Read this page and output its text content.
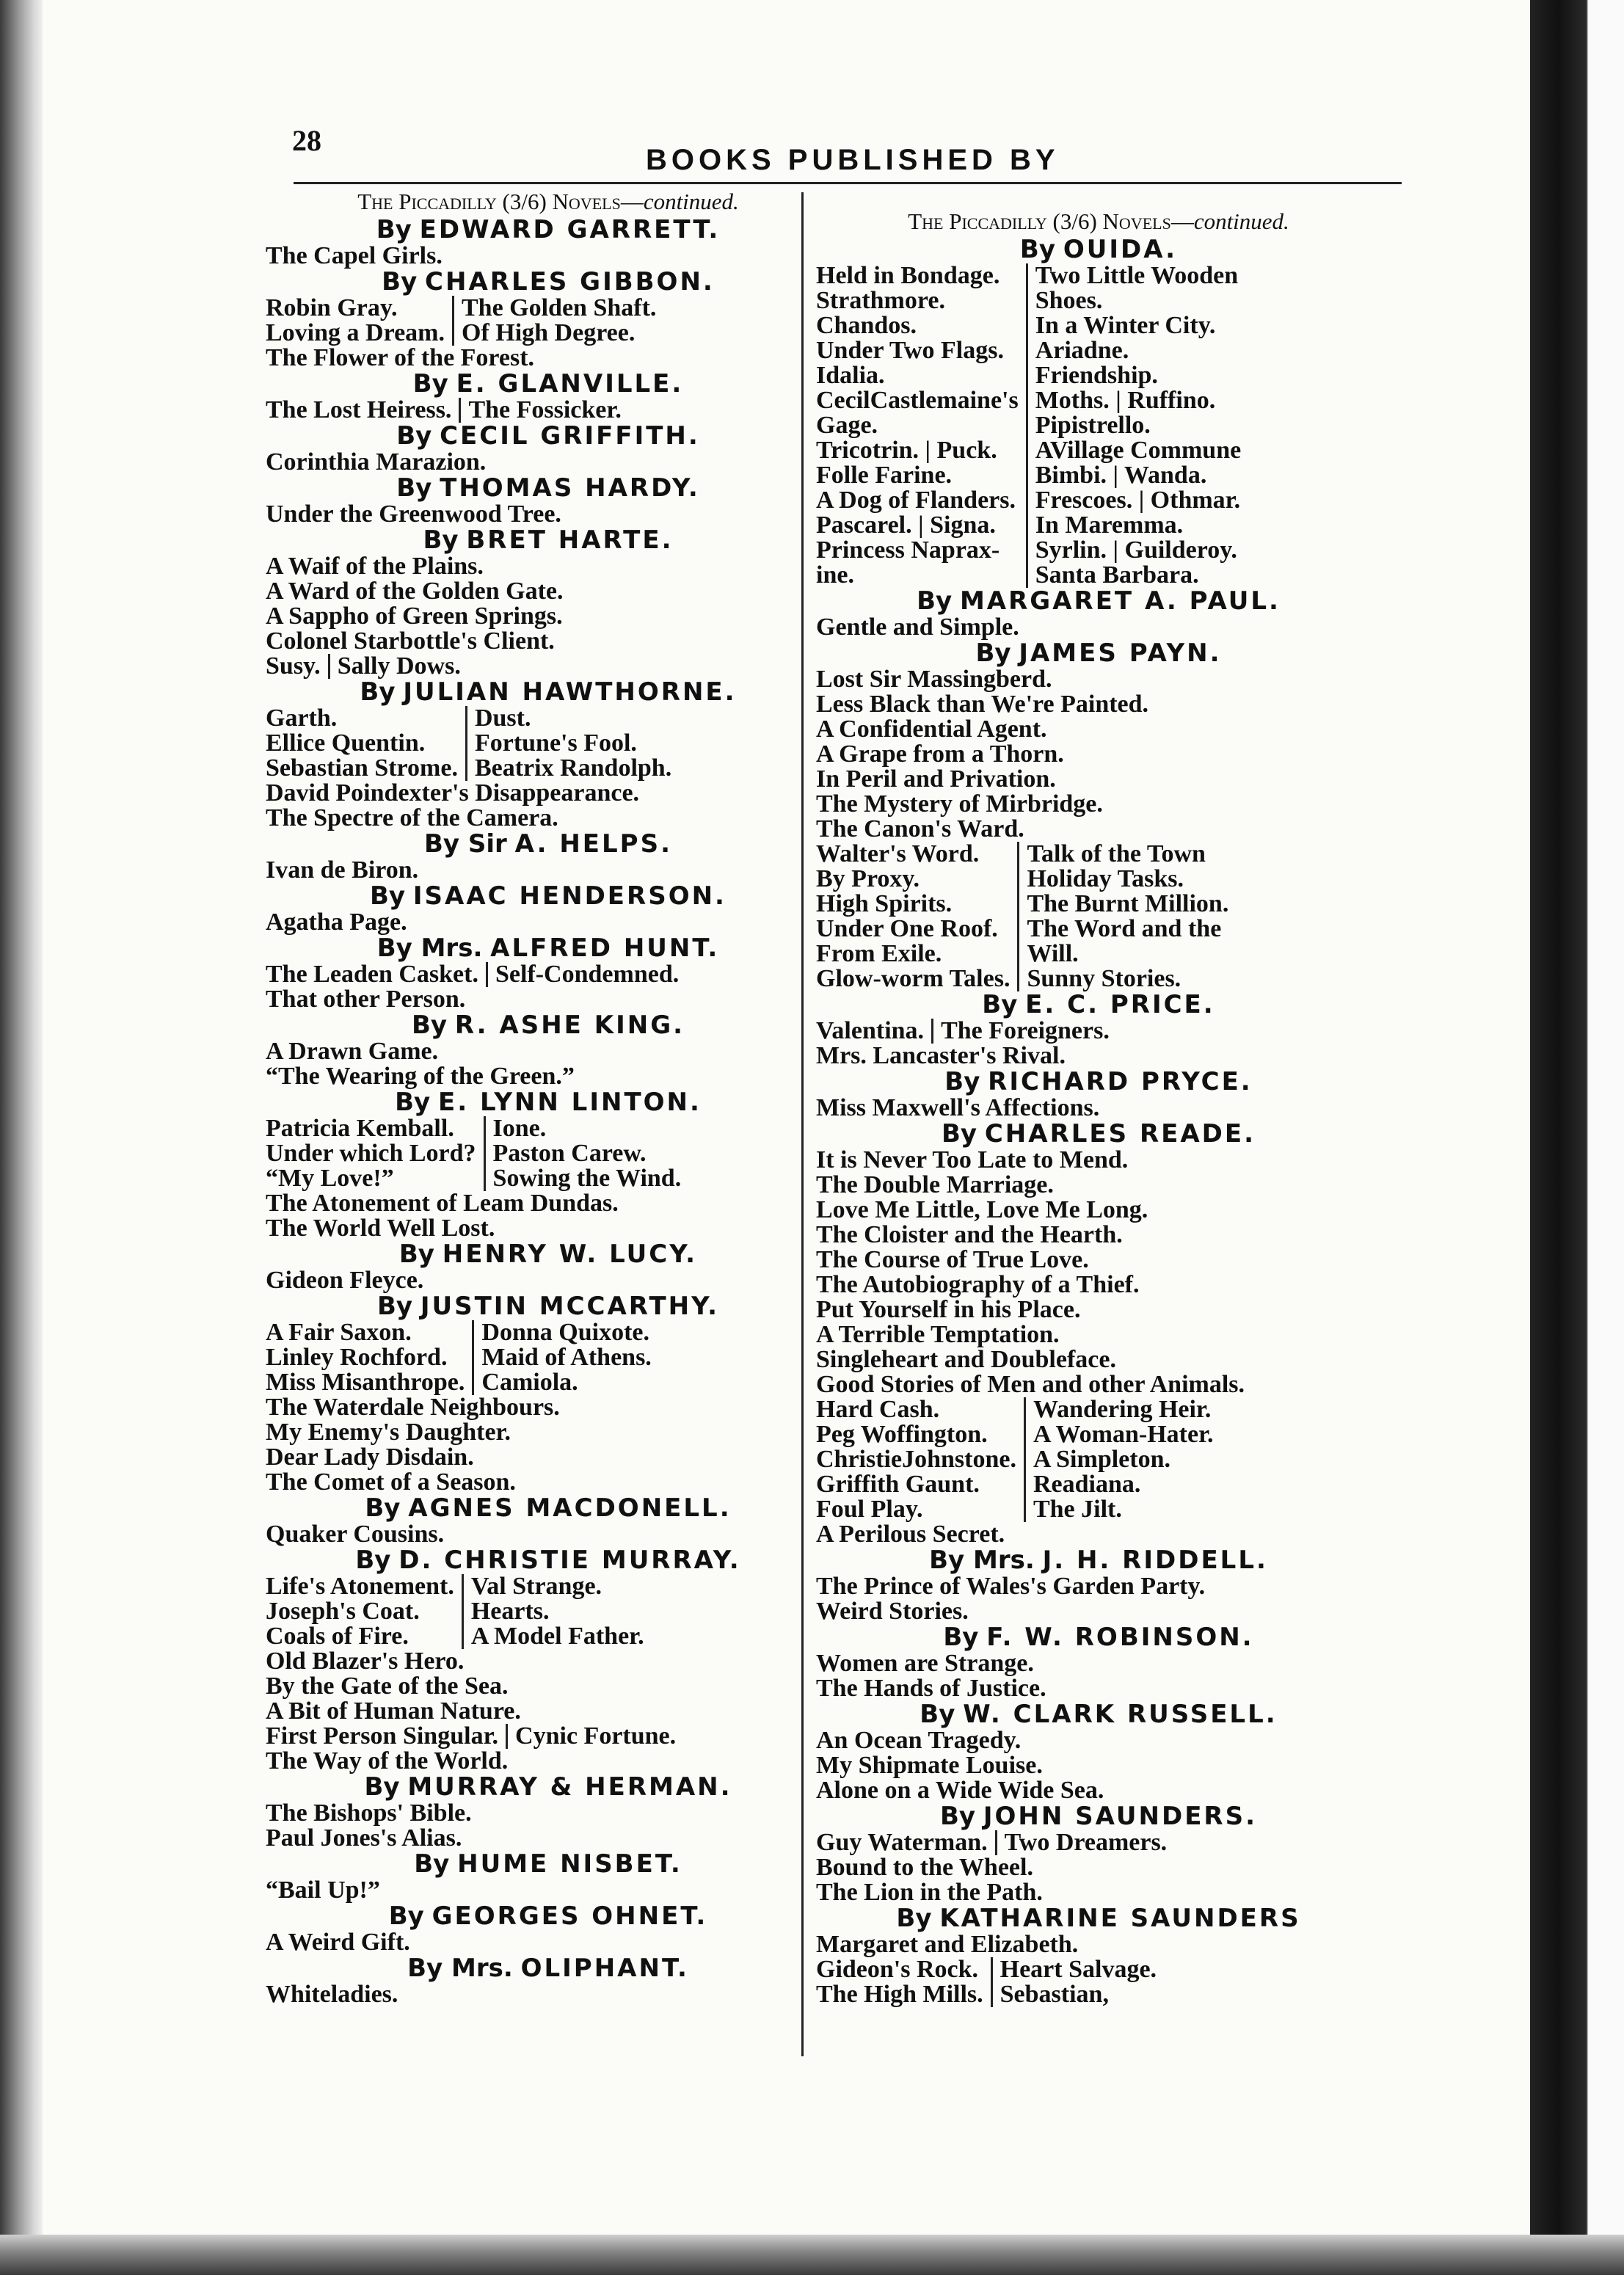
28
BOOKS PUBLISHED BY
The Piccadilly (3/6) Novels—continued.
By EDWARD GARRETT.
The Capel Girls.
By CHARLES GIBBON.
Robin Gray.
Loving a Dream.
The Golden Shaft.
Of High Degree.
The Flower of the Forest.
By E. GLANVILLE.
The Lost Heiress. The Fossicker.
By CECIL GRIFFITH.
Corinthia Marazion.
By THOMAS HARDY.
Under the Greenwood Tree.
By BRET HARTE.
A Waif of the Plains.
A Ward of the Golden Gate.
A Sappho of Green Springs.
Colonel Starbottle's Client.
Susy. Sally Dows.
By JULIAN HAWTHORNE.
Garth.
Ellice Quentin.
Sebastian Strome.
Dust.
Fortune's Fool.
Beatrix Randolph.
David Poindexter's Disappearance.
The Spectre of the Camera.
By Sir A. HELPS.
Ivan de Biron.
By ISAAC HENDERSON.
Agatha Page.
By Mrs. ALFRED HUNT.
The Leaden Casket. Self-Condemned.
That other Person.
By R. ASHE KING.
A Drawn Game.
“The Wearing of the Green.”
By E. LYNN LINTON.
Patricia Kemball.
Under which Lord?
“My Love!”
Ione.
Paston Carew.
Sowing the Wind.
The Atonement of Leam Dundas.
The World Well Lost.
By HENRY W. LUCY.
Gideon Fleyce.
By JUSTIN MCCARTHY.
A Fair Saxon.
Linley Rochford.
Miss Misanthrope.
Donna Quixote.
Maid of Athens.
Camiola.
The Waterdale Neighbours.
My Enemy's Daughter.
Dear Lady Disdain.
The Comet of a Season.
By AGNES MACDONELL.
Quaker Cousins.
By D. CHRISTIE MURRAY.
Life's Atonement.
Joseph's Coat.
Coals of Fire.
Val Strange.
Hearts.
A Model Father.
Old Blazer's Hero.
By the Gate of the Sea.
A Bit of Human Nature.
First Person Singular. Cynic Fortune.
The Way of the World.
By MURRAY & HERMAN.
The Bishops' Bible.
Paul Jones's Alias.
By HUME NISBET.
“Bail Up!”
By GEORGES OHNET.
A Weird Gift.
By Mrs. OLIPHANT.
Whiteladies.
The Piccadilly (3/6) Novels—continued.
By OUIDA.
Held in Bondage.
Strathmore.
Chandos.
Under Two Flags.
Idalia.
CecilCastlemaine's
Gage.
Tricotrin. | Puck.
Folle Farine.
A Dog of Flanders.
Pascarel. | Signa.
Princess Naprax-
ine.
Two Little Wooden
Shoes.
In a Winter City.
Ariadne.
Friendship.
Moths. | Ruffino.
Pipistrello.
AVillage Commune
Bimbi. | Wanda.
Frescoes. | Othmar.
In Maremma.
Syrlin. | Guilderoy.
Santa Barbara.
By MARGARET A. PAUL.
Gentle and Simple.
By JAMES PAYN.
Lost Sir Massingberd.
Less Black than We're Painted.
A Confidential Agent.
A Grape from a Thorn.
In Peril and Privation.
The Mystery of Mirbridge.
The Canon's Ward.
Walter's Word.
By Proxy.
High Spirits.
Under One Roof.
From Exile.
Glow-worm Tales.
Talk of the Town
Holiday Tasks.
The Burnt Million.
The Word and the
Will.
Sunny Stories.
By E. C. PRICE.
Valentina. The Foreigners.
Mrs. Lancaster's Rival.
By RICHARD PRYCE.
Miss Maxwell's Affections.
By CHARLES READE.
It is Never Too Late to Mend.
The Double Marriage.
Love Me Little, Love Me Long.
The Cloister and the Hearth.
The Course of True Love.
The Autobiography of a Thief.
Put Yourself in his Place.
A Terrible Temptation.
Singleheart and Doubleface.
Good Stories of Men and other Animals.
Hard Cash.
Peg Woffington.
ChristieJohnstone.
Griffith Gaunt.
Foul Play.
Wandering Heir.
A Woman-Hater.
A Simpleton.
Readiana.
The Jilt.
A Perilous Secret.
By Mrs. J. H. RIDDELL.
The Prince of Wales's Garden Party.
Weird Stories.
By F. W. ROBINSON.
Women are Strange.
The Hands of Justice.
By W. CLARK RUSSELL.
An Ocean Tragedy.
My Shipmate Louise.
Alone on a Wide Wide Sea.
By JOHN SAUNDERS.
Guy Waterman. Two Dreamers.
Bound to the Wheel.
The Lion in the Path.
By KATHARINE SAUNDERS
Margaret and Elizabeth.
Gideon's Rock.
The High Mills.
Heart Salvage.
Sebastian,
